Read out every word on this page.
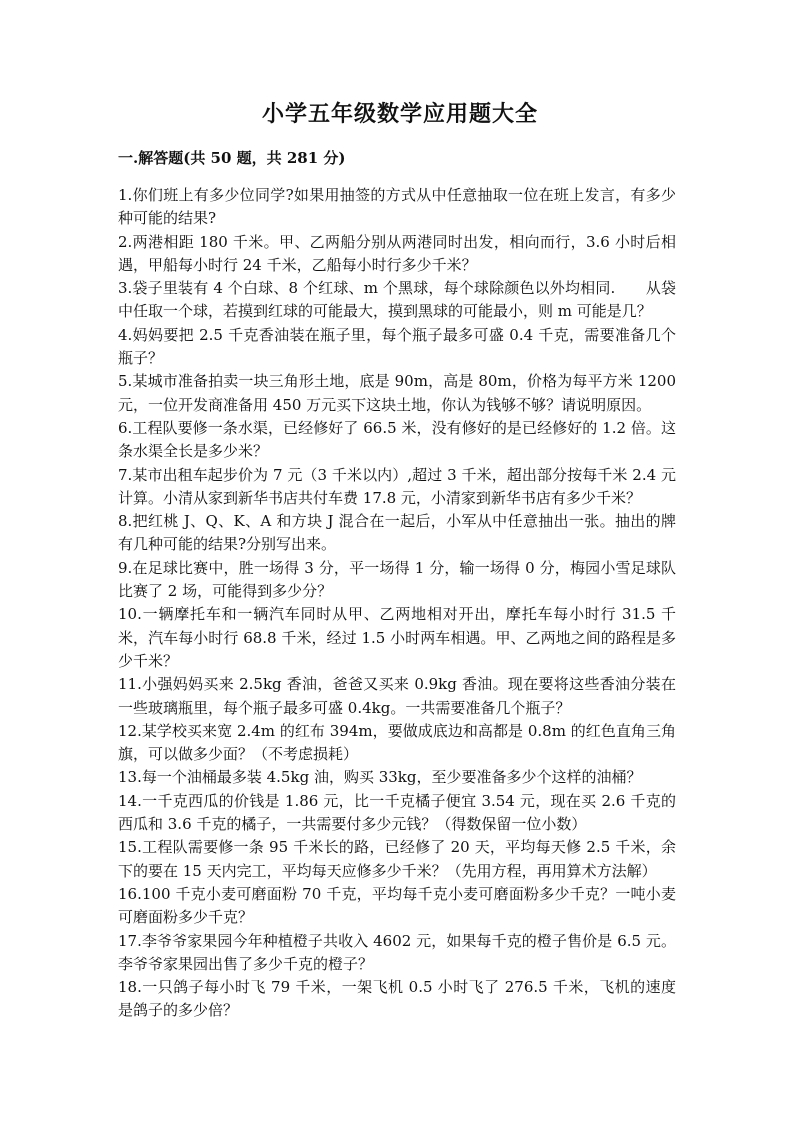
小学五年级数学应用题大全
一.解答题(共 50 题，共 281 分)
1.你们班上有多少位同学?如果用抽签的方式从中任意抽取一位在班上发言，有多少种可能的结果?
2.两港相距 180 千米。甲、乙两船分别从两港同时出发，相向而行，3.6 小时后相遇，甲船每小时行 24 千米，乙船每小时行多少千米？
3.袋子里装有 4 个白球、8 个红球、m 个黑球，每个球除颜色以外均相同.　　从袋中任取一个球，若摸到红球的可能最大，摸到黑球的可能最小，则 m 可能是几？
4.妈妈要把 2.5 千克香油装在瓶子里，每个瓶子最多可盛 0.4 千克，需要准备几个瓶子？
5.某城市准备拍卖一块三角形土地，底是 90m，高是 80m，价格为每平方米 1200 元，一位开发商准备用 450 万元买下这块土地，你认为钱够不够？请说明原因。
6.工程队要修一条水渠，已经修好了 66.5 米，没有修好的是已经修好的 1.2 倍。这条水渠全长是多少米？
7.某市出租车起步价为 7 元（3 千米以内）,超过 3 千米，超出部分按每千米 2.4 元计算。小清从家到新华书店共付车费 17.8 元，小清家到新华书店有多少千米？
8.把红桃 J、Q、K、A 和方块 J 混合在一起后，小军从中任意抽出一张。抽出的牌有几种可能的结果?分别写出来。
9.在足球比赛中，胜一场得 3 分，平一场得 1 分，输一场得 0 分，梅园小雪足球队比赛了 2 场，可能得到多少分？
10.一辆摩托车和一辆汽车同时从甲、乙两地相对开出，摩托车每小时行 31.5 千米，汽车每小时行 68.8 千米，经过 1.5 小时两车相遇。甲、乙两地之间的路程是多少千米？
11.小强妈妈买来 2.5kg 香油，爸爸又买来 0.9kg 香油。现在要将这些香油分装在一些玻璃瓶里，每个瓶子最多可盛 0.4kg。一共需要准备几个瓶子？
12.某学校买来宽 2.4m 的红布 394m，要做成底边和高都是 0.8m 的红色直角三角旗，可以做多少面？（不考虑损耗）
13.每一个油桶最多装 4.5kg 油，购买 33kg，至少要准备多少个这样的油桶？
14.一千克西瓜的价钱是 1.86 元，比一千克橘子便宜 3.54 元，现在买 2.6 千克的西瓜和 3.6 千克的橘子，一共需要付多少元钱？（得数保留一位小数）
15.工程队需要修一条 95 千米长的路，已经修了 20 天，平均每天修 2.5 千米，余下的要在 15 天内完工，平均每天应修多少千米？（先用方程，再用算术方法解）
16.100 千克小麦可磨面粉 70 千克，平均每千克小麦可磨面粉多少千克？一吨小麦可磨面粉多少千克？
17.李爷爷家果园今年种植橙子共收入 4602 元，如果每千克的橙子售价是 6.5 元。李爷爷家果园出售了多少千克的橙子？
18.一只鸽子每小时飞 79 千米，一架飞机 0.5 小时飞了 276.5 千米，飞机的速度是鸽子的多少倍？
